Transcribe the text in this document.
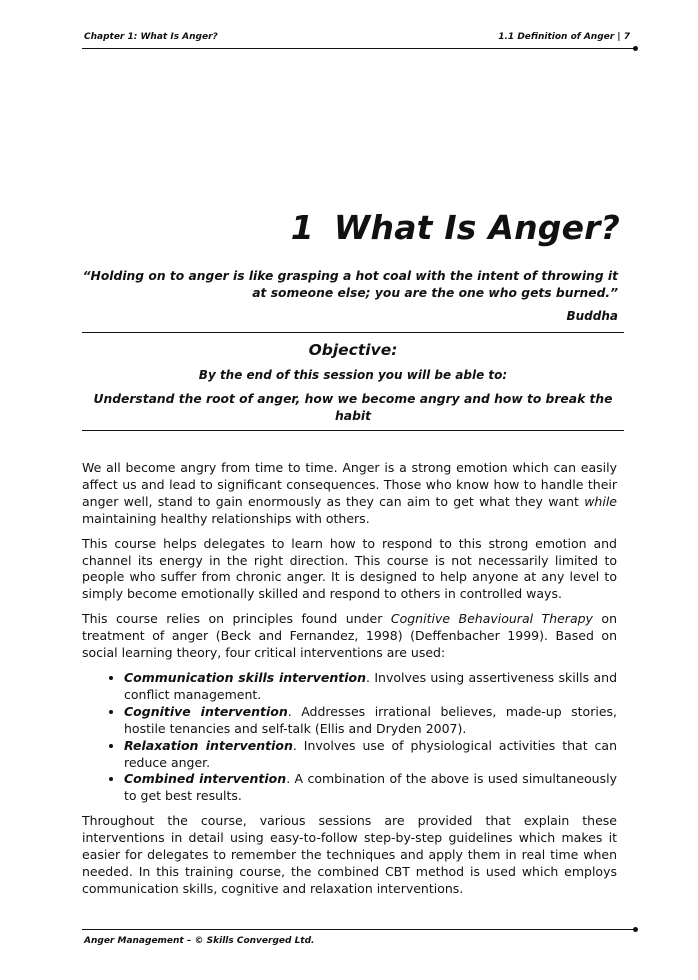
Chapter 1: What Is Anger?	1.1 Definition of Anger | 7
1 What Is Anger?
“Holding on to anger is like grasping a hot coal with the intent of throwing it at someone else; you are the one who gets burned.”
Buddha
Objective:
By the end of this session you will be able to:
Understand the root of anger, how we become angry and how to break the habit

We all become angry from time to time. Anger is a strong emotion which can easily affect us and lead to significant consequences. Those who know how to handle their anger well, stand to gain enormously as they can aim to get what they want while maintaining healthy relationships with others.

This course helps delegates to learn how to respond to this strong emotion and channel its energy in the right direction. This course is not necessarily limited to people who suffer from chronic anger. It is designed to help anyone at any level to simply become emotionally skilled and respond to others in controlled ways.

This course relies on principles found under Cognitive Behavioural Therapy on treatment of anger (Beck and Fernandez, 1998) (Deffenbacher 1999). Based on social learning theory, four critical interventions are used:

• Communication skills intervention. Involves using assertiveness skills and conflict management.
• Cognitive intervention. Addresses irrational believes, made-up stories, hostile tenancies and self-talk (Ellis and Dryden 2007).
• Relaxation intervention. Involves use of physiological activities that can reduce anger.
• Combined intervention. A combination of the above is used simultaneously to get best results.

Throughout the course, various sessions are provided that explain these interventions in detail using easy-to-follow step-by-step guidelines which makes it easier for delegates to remember the techniques and apply them in real time when needed. In this training course, the combined CBT method is used which employs communication skills, cognitive and relaxation interventions.

Anger Management – © Skills Converged Ltd.
